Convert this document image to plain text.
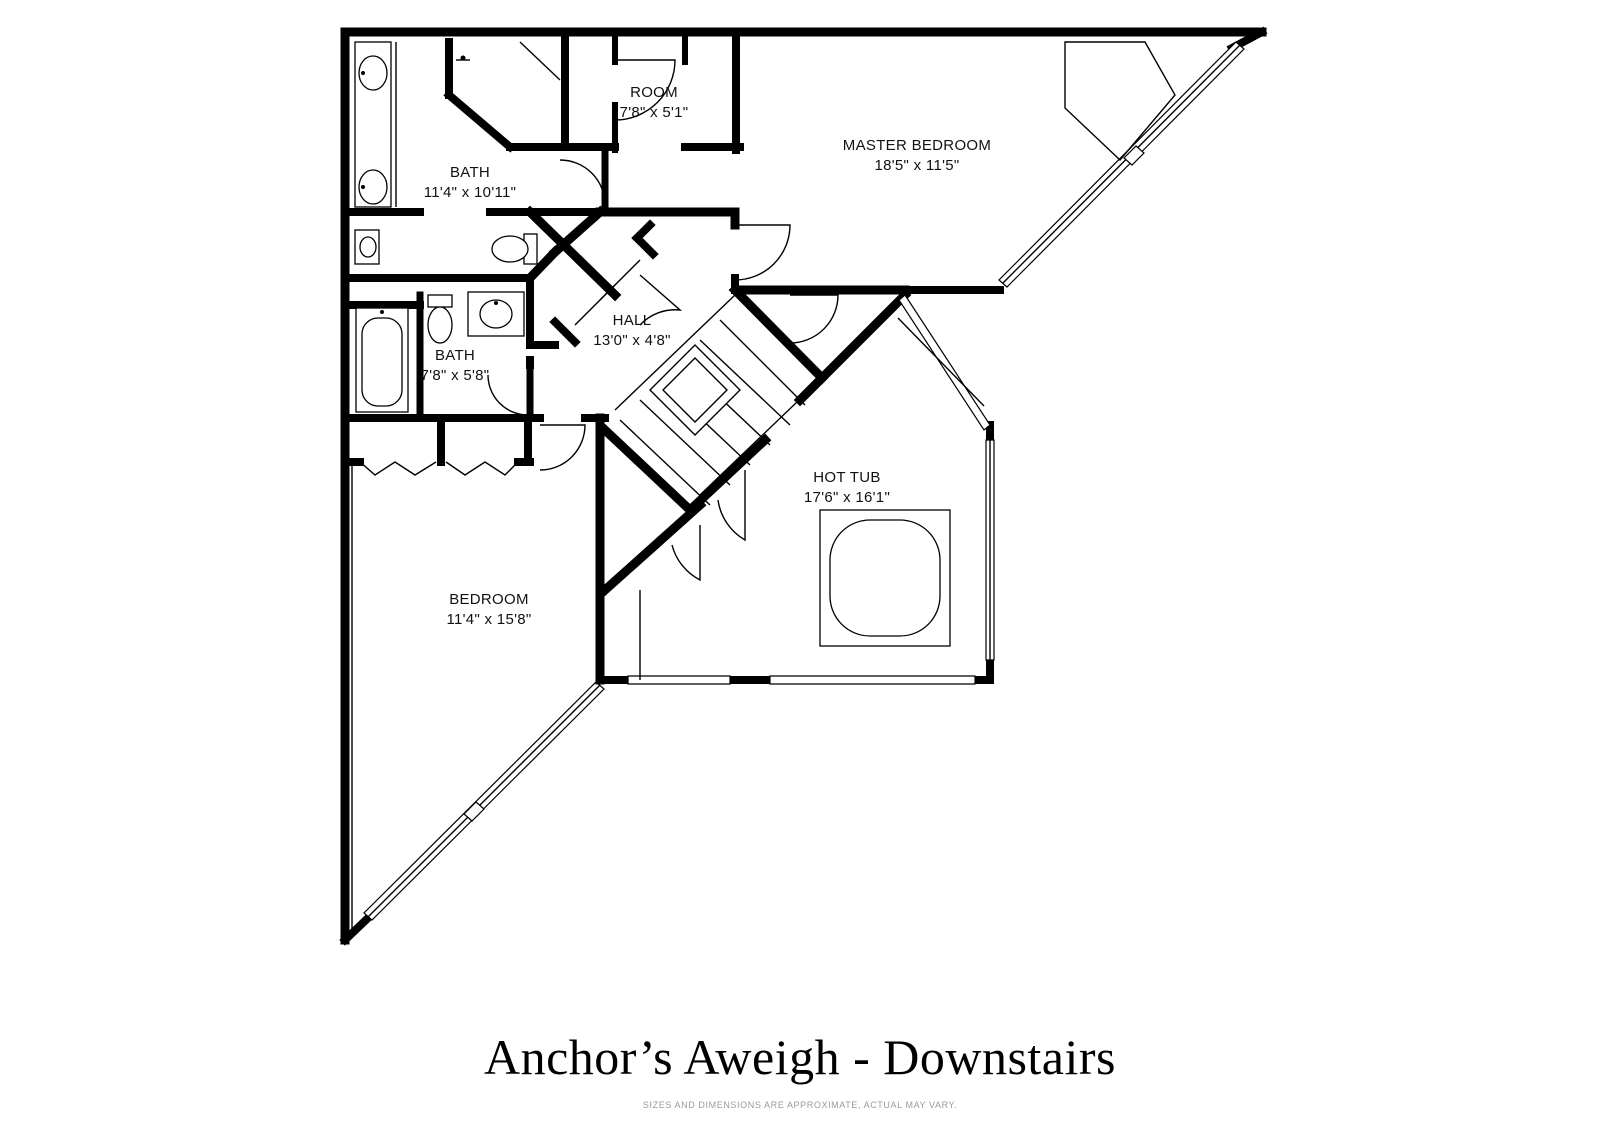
ROOM
7'8" x 5'1"
MASTER BEDROOM
18'5" x 11'5"
BATH
11'4" x 10'11"
HALL
13'0" x 4'8"
BATH
7'8" x 5'8"
HOT TUB
17'6" x 16'1"
BEDROOM
11'4" x 15'8"
Anchor’s Aweigh - Downstairs
SIZES AND DIMENSIONS ARE APPROXIMATE, ACTUAL MAY VARY.
